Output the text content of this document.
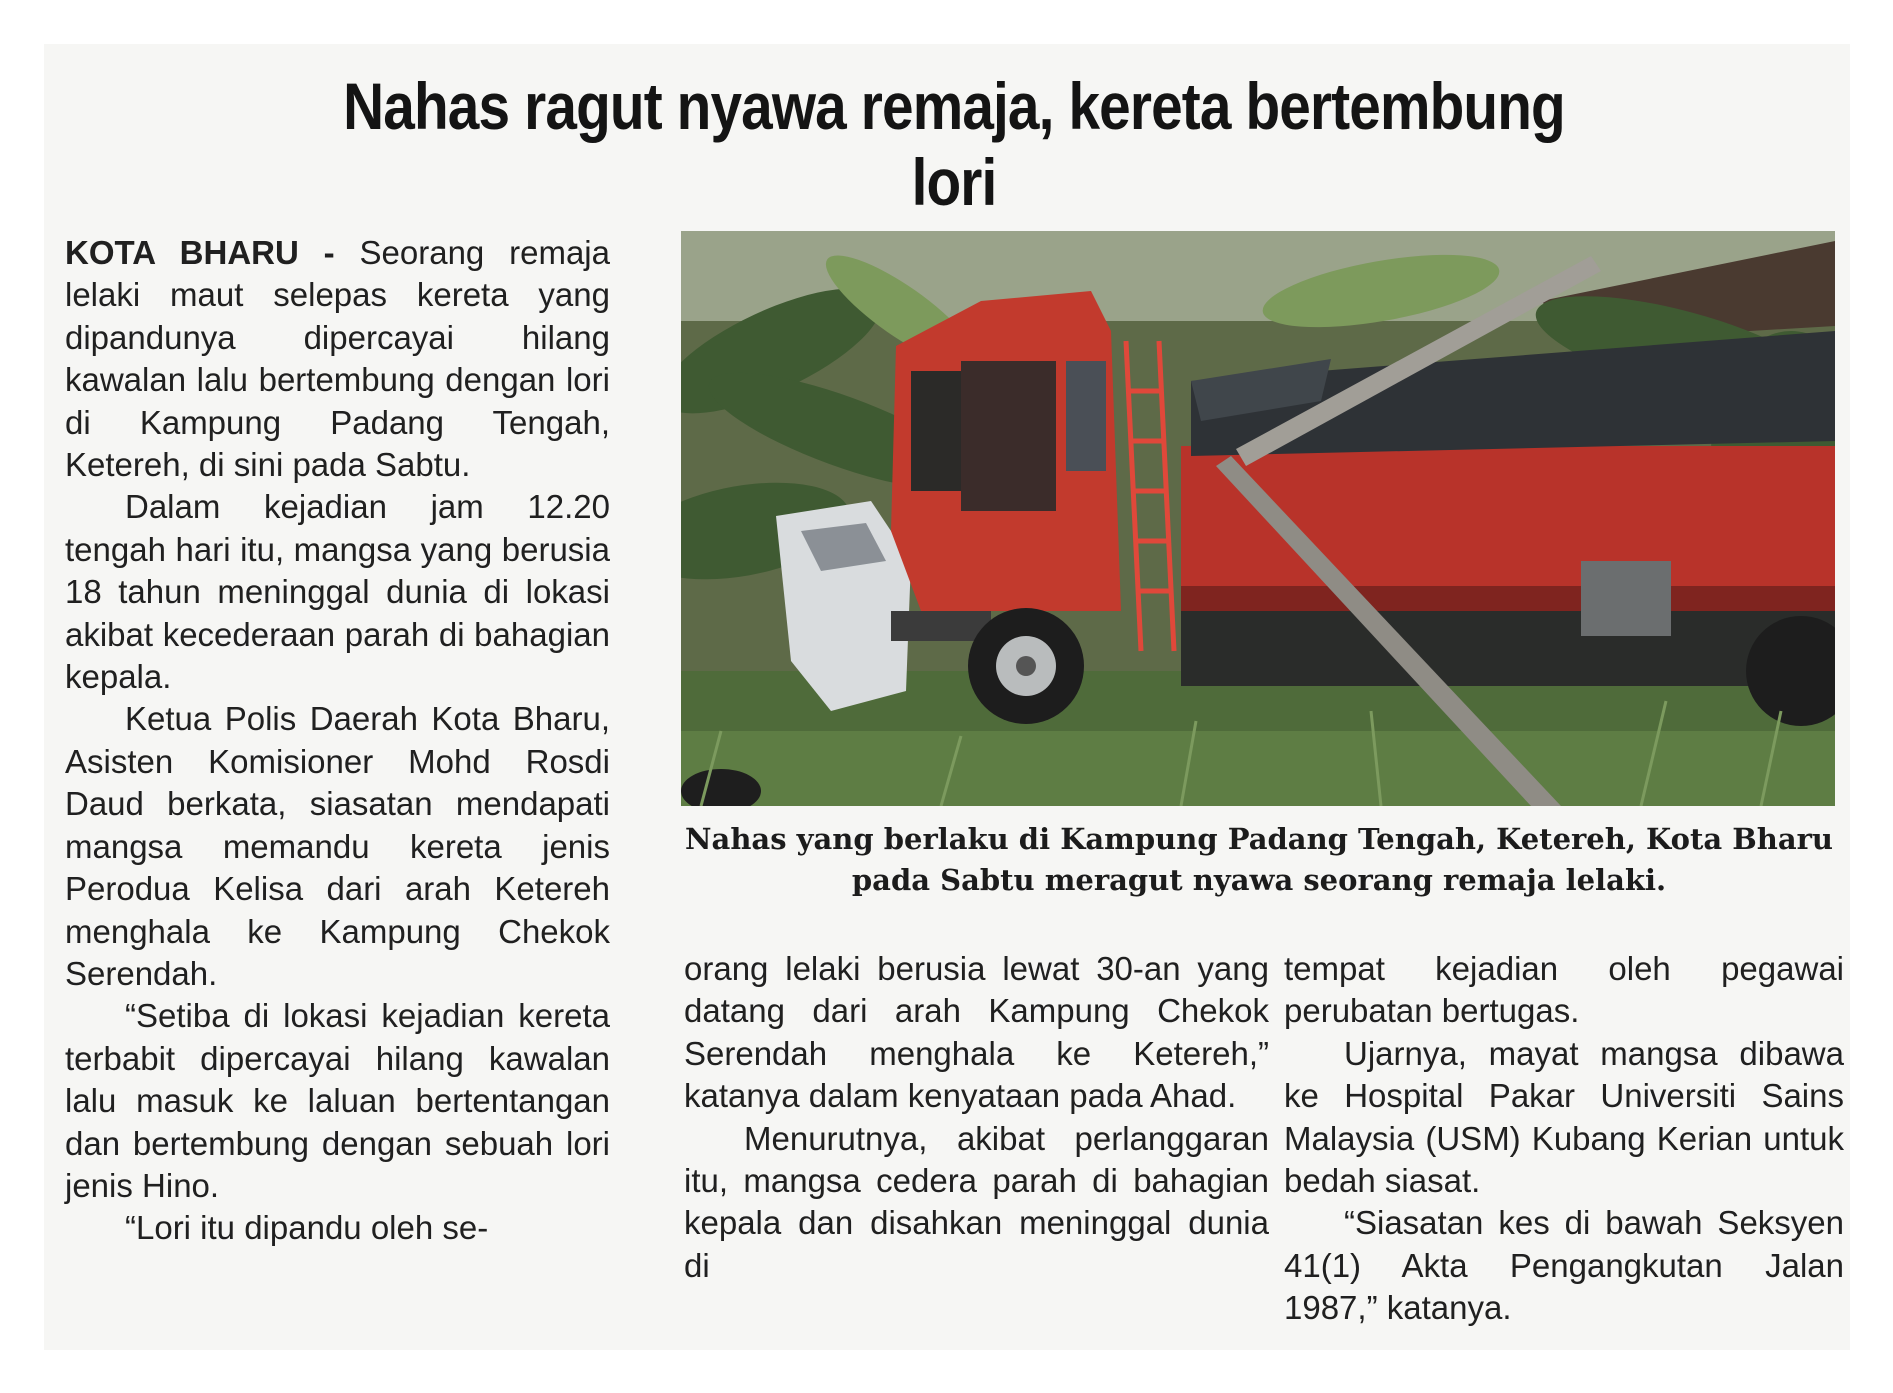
Nahas ragut nyawa remaja, kereta bertembung lori

KOTA BHARU - Seorang remaja lelaki maut selepas kereta yang dipandunya dipercayai hilang kawalan lalu bertembung dengan lori di Kampung Padang Tengah, Ketereh, di sini pada Sabtu.

Dalam kejadian jam 12.20 tengah hari itu, mangsa yang berusia 18 tahun meninggal dunia di lokasi akibat kecederaan parah di bahagian kepala.

Ketua Polis Daerah Kota Bharu, Asisten Komisioner Mohd Rosdi Daud berkata, siasatan mendapati mangsa memandu kereta jenis Perodua Kelisa dari arah Ketereh menghala ke Kampung Chekok Serendah.

“Setiba di lokasi kejadian kereta terbabit dipercayai hilang kawalan lalu masuk ke laluan bertentangan dan bertembung dengan sebuah lori jenis Hino.

“Lori itu dipandu oleh se-

Nahas yang berlaku di Kampung Padang Tengah, Ketereh, Kota Bharu pada Sabtu meragut nyawa seorang remaja lelaki.

orang lelaki berusia lewat 30-an yang datang dari arah Kampung Chekok Serendah menghala ke Ketereh,” katanya dalam kenyataan pada Ahad.

Menurutnya, akibat perlanggaran itu, mangsa cedera parah di bahagian kepala dan disahkan meninggal dunia di

tempat kejadian oleh pegawai perubatan bertugas.

Ujarnya, mayat mangsa dibawa ke Hospital Pakar Universiti Sains Malaysia (USM) Kubang Kerian untuk bedah siasat.

“Siasatan kes di bawah Seksyen 41(1) Akta Pengangkutan Jalan 1987,” katanya.
